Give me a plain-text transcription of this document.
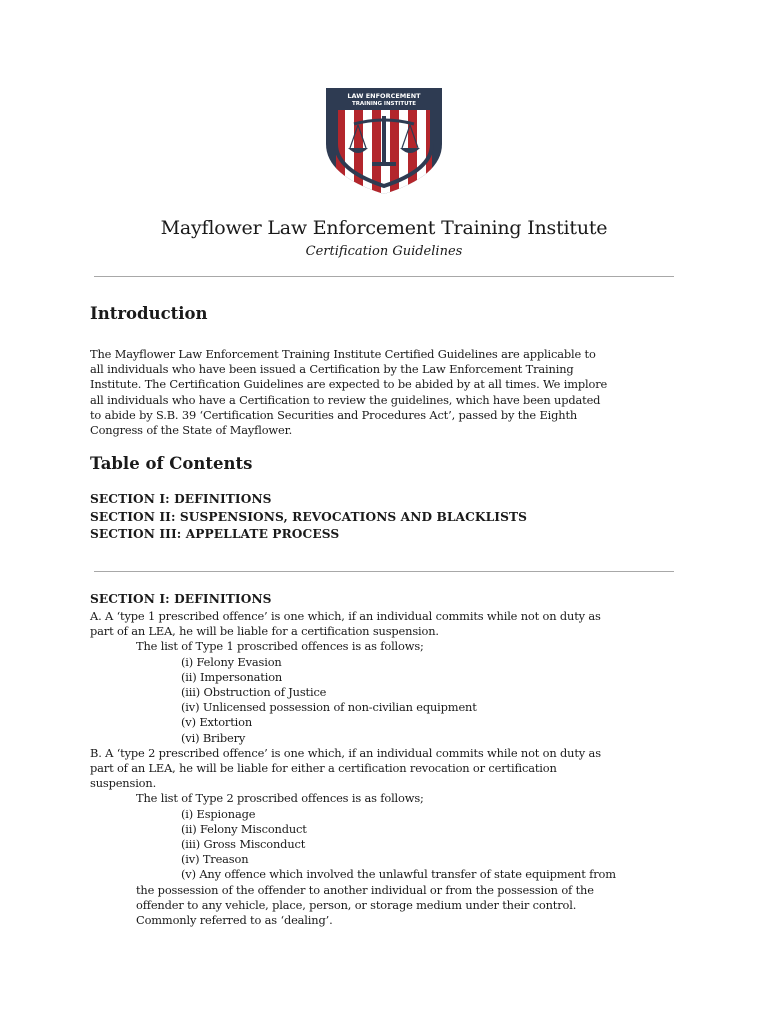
LAW ENFORCEMENT
TRAINING INSTITUTE
Mayflower Law Enforcement Training Institute
Certification Guidelines
Introduction
The Mayflower Law Enforcement Training Institute Certified Guidelines are applicable to
all individuals who have been issued a Certification by the Law Enforcement Training
Institute. The Certification Guidelines are expected to be abided by at all times. We implore
all individuals who have a Certification to review the guidelines, which have been updated
to abide by S.B. 39 ‘Certification Securities and Procedures Act’, passed by the Eighth
Congress of the State of Mayflower.
Table of Contents
SECTION I: DEFINITIONS
SECTION II: SUSPENSIONS, REVOCATIONS AND BLACKLISTS
SECTION III: APPELLATE PROCESS
SECTION I: DEFINITIONS
A. A ‘type 1 prescribed offence’ is one which, if an individual commits while not on duty as
part of an LEA, he will be liable for a certification suspension.
The list of Type 1 proscribed offences is as follows;
(i) Felony Evasion
(ii) Impersonation
(iii) Obstruction of Justice
(iv) Unlicensed possession of non-civilian equipment
(v) Extortion
(vi) Bribery
B. A ‘type 2 prescribed offence’ is one which, if an individual commits while not on duty as
part of an LEA, he will be liable for either a certification revocation or certification
suspension.
The list of Type 2 proscribed offences is as follows;
(i) Espionage
(ii) Felony Misconduct
(iii) Gross Misconduct
(iv) Treason
(v) Any offence which involved the unlawful transfer of state equipment from
the possession of the offender to another individual or from the possession of the
offender to any vehicle, place, person, or storage medium under their control.
Commonly referred to as ‘dealing’.
